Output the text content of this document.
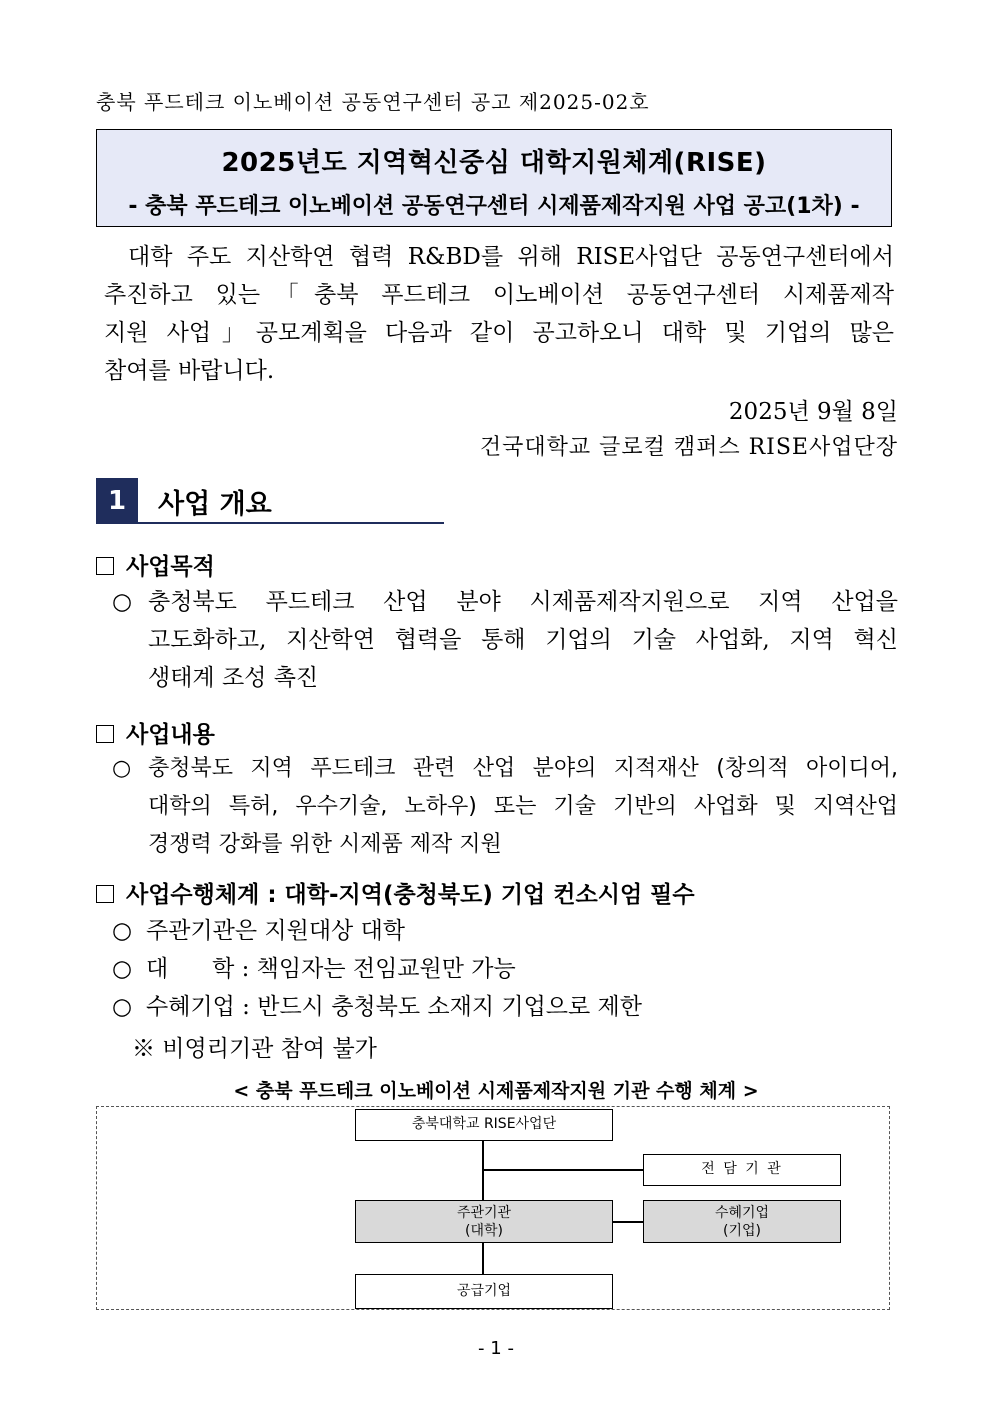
충북 푸드테크 이노베이션 공동연구센터 공고 제2025-02호
2025년도 지역혁신중심 대학지원체계(RISE)
- 충북 푸드테크 이노베이션 공동연구센터 시제품제작지원 사업 공고(1차) -

대학 주도 지산학연 협력 R&BD를 위해 RISE사업단 공동연구센터에서

추진하고 있는「충북 푸드테크 이노베이션 공동연구센터 시제품제작

지원 사업」공모계획을 다음과 같이 공고하오니 대학 및 기업의 많은

참여를 바랍니다.

2025년 9월 8일
건국대학교 글로컬 캠퍼스 RISE사업단장
1	사업 개요
사업목적
○ 충청북도 푸드테크 산업 분야 시제품제작지원으로 지역 산업을
고도화하고, 지산학연 협력을 통해 기업의 기술 사업화, 지역 혁신
생태계 조성 촉진
사업내용
○ 충청북도 지역 푸드테크 관련 산업 분야의 지적재산 (창의적 아이디어,
대학의 특허, 우수기술, 노하우) 또는 기술 기반의 사업화 및 지역산업
경쟁력 강화를 위한 시제품 제작 지원
사업수행체계 : 대학-지역(충청북도) 기업 컨소시엄 필수
○ 주관기관은 지원대상 대학
○ 대      학 : 책임자는 전임교원만 가능
○ 수혜기업 : 반드시 충청북도 소재지 기업으로 제한
※ 비영리기관 참여 불가
< 충북 푸드테크 이노베이션 시제품제작지원 기관 수행 체계 >
충북대학교 RISE사업단
전 담 기 관
주관기관
(대학)
수혜기업
(기업)
공급기업
- 1 -
